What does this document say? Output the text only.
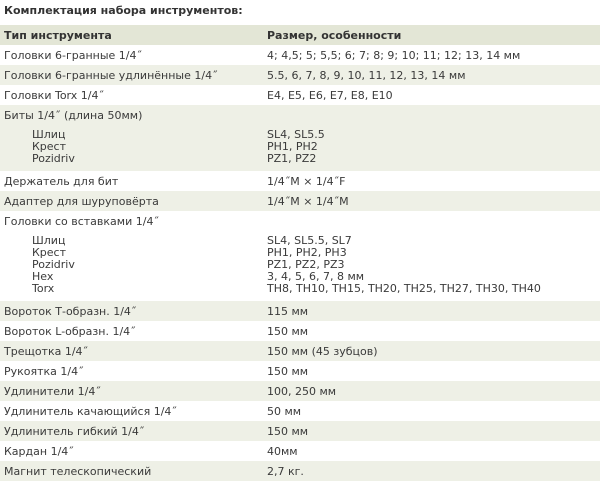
Комплектация набора инструментов:
Тип инструмента	Размер, особенности
Головки 6-гранные 1/4˝	4; 4,5; 5; 5,5; 6; 7; 8; 9; 10; 11; 12; 13, 14 мм
Головки 6-гранные удлинённые 1/4˝	5.5, 6, 7, 8, 9, 10, 11, 12, 13, 14 мм
Головки Torx 1/4˝	E4, E5, E6, E7, E8, E10
Биты 1/4˝ (длина 50мм)
Шлиц	SL4, SL5.5
Крест	PH1, PH2
Pozidriv	PZ1, PZ2
Держатель для бит	1/4˝M × 1/4˝F
Адаптер для шуруповёрта	1/4˝M × 1/4˝M
Головки со вставками 1/4˝
Шлиц	SL4, SL5.5, SL7
Крест	PH1, PH2, PH3
Pozidriv	PZ1, PZ2, PZ3
Hex	3, 4, 5, 6, 7, 8 мм
Torx	TH8, TH10, TH15, TH20, TH25, TH27, TH30, TH40
Вороток Т-образн. 1/4˝	115 мм
Вороток L-образн. 1/4˝	150 мм
Трещотка 1/4˝	150 мм (45 зубцов)
Рукоятка 1/4˝	150 мм
Удлинители 1/4˝	100, 250 мм
Удлинитель качающийся 1/4˝	50 мм
Удлинитель гибкий 1/4˝	150 мм
Кардан 1/4˝	40мм
Магнит телескопический	2,7 кг.
